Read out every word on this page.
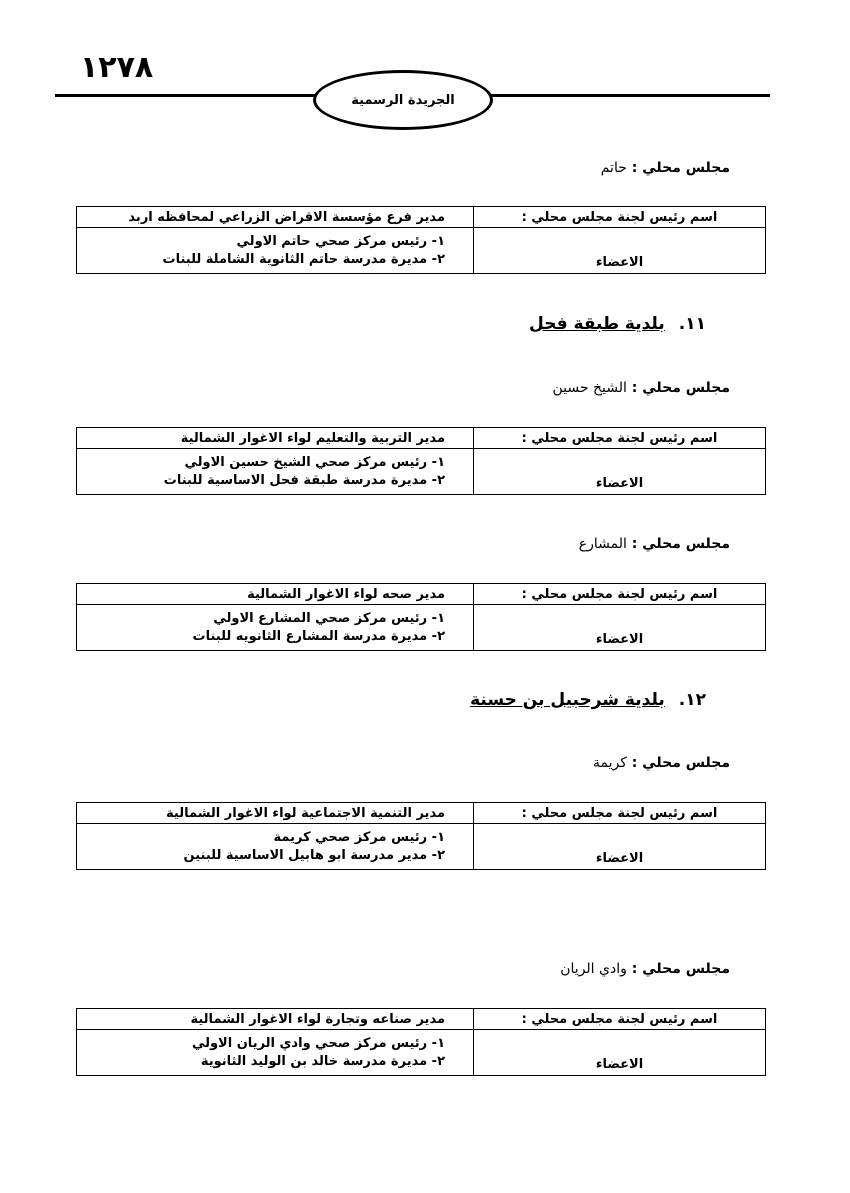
١٢٧٨
الجريدة الرسمية
مجلس محلي : حاتم
اسم رئيس لجنة مجلس محلي :	مدير فرع مؤسسة الاقراض الزراعي لمحافظه اربد
الاعضاء	١- رئيس مركز صحي حاتم الاولي
٢- مديرة مدرسة حاتم الثانوية الشاملة للبنات
١١.بلدية طبقة فحل
مجلس محلي : الشيخ حسين
اسم رئيس لجنة مجلس محلي :	مدير التربية والتعليم لواء الاغوار الشمالية
الاعضاء	١- رئيس مركز صحي الشيخ حسين الاولي
٢- مديرة مدرسة طبقة فحل الاساسية للبنات
مجلس محلي : المشارع
اسم رئيس لجنة مجلس محلي :	مدير صحه لواء الاغوار الشمالية
الاعضاء	١- رئيس مركز صحي المشارع الاولي
٢- مديرة مدرسة المشارع الثانويه للبنات
١٢.بلدية شرحبيل بن حسنة
مجلس محلي : كريمة
اسم رئيس لجنة مجلس محلي :	مدير التنمية الاجتماعية لواء الاغوار الشمالية
الاعضاء	١- رئيس مركز صحي كريمة
٢- مدير مدرسة ابو هابيل الاساسية للبنين
مجلس محلي : وادي الريان
اسم رئيس لجنة مجلس محلي :	مدير صناعه وتجارة لواء الاغوار الشمالية
الاعضاء	١- رئيس مركز صحي وادي الريان الاولي
٢- مديرة مدرسة خالد بن الوليد الثانوية
